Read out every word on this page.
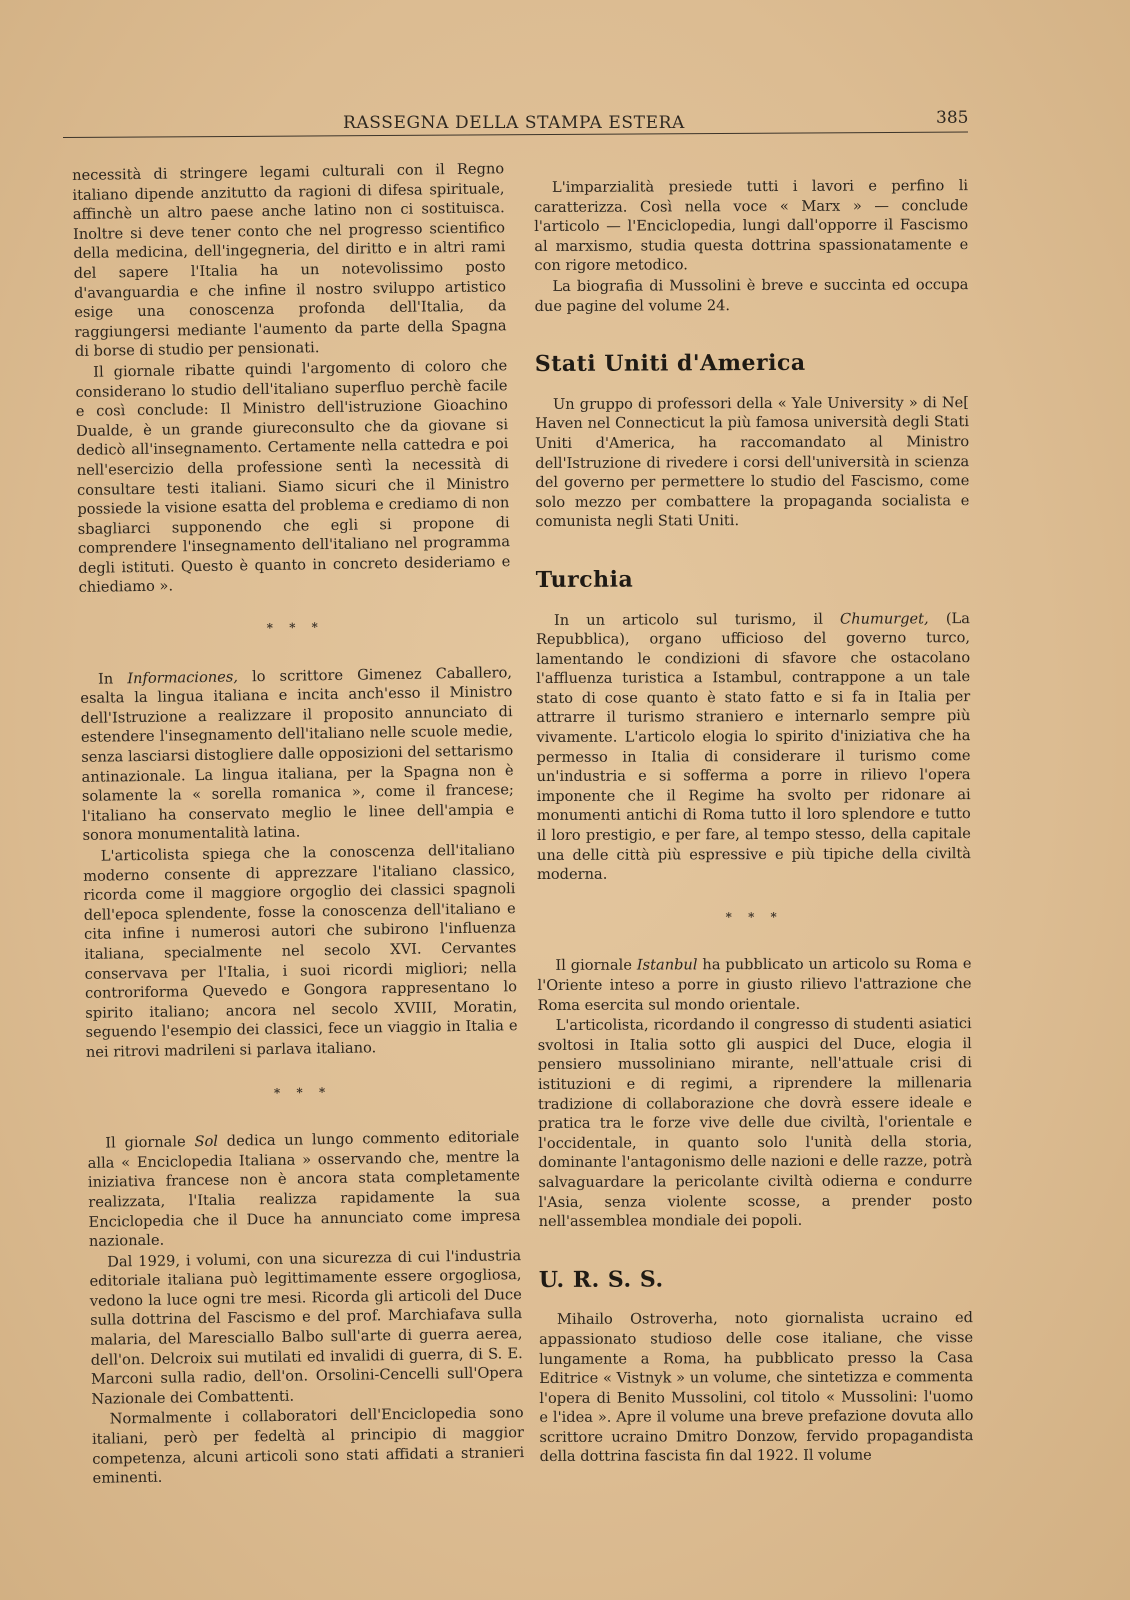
RASSEGNA DELLA STAMPA ESTERA	385

necessità di stringere legami culturali con il Regno italiano dipende anzitutto da ragioni di difesa spirituale, affinchè un altro paese anche latino non ci sostituisca. Inoltre si deve tener conto che nel progresso scientifico della medicina, dell'ingegneria, del diritto e in altri rami del sapere l'Italia ha un notevolissimo posto d'avanguardia e che infine il nostro sviluppo artistico esige una conoscenza profonda dell'Italia, da raggiungersi mediante l'aumento da parte della Spagna di borse di studio per pensionati.

Il giornale ribatte quindi l'argomento di coloro che considerano lo studio dell'italiano superfluo perchè facile e così conclude: Il Ministro dell'istruzione Gioachino Dualde, è un grande giureconsulto che da giovane si dedicò all'insegnamento. Certamente nella cattedra e poi nell'esercizio della professione sentì la necessità di consultare testi italiani. Siamo sicuri che il Ministro possiede la visione esatta del problema e crediamo di non sbagliarci supponendo che egli si propone di comprendere l'insegnamento dell'italiano nel programma degli istituti. Questo è quanto in concreto desideriamo e chiediamo ».

* * *

In Informaciones, lo scrittore Gimenez Caballero, esalta la lingua italiana e incita anch'esso il Ministro dell'Istruzione a realizzare il proposito annunciato di estendere l'insegnamento dell'italiano nelle scuole medie, senza lasciarsi distogliere dalle opposizioni del settarismo antinazionale. La lingua italiana, per la Spagna non è solamente la « sorella romanica », come il francese; l'italiano ha conservato meglio le linee dell'ampia e sonora monumentalità latina.

L'articolista spiega che la conoscenza dell'italiano moderno consente di apprezzare l'italiano classico, ricorda come il maggiore orgoglio dei classici spagnoli dell'epoca splendente, fosse la conoscenza dell'italiano e cita infine i numerosi autori che subirono l'influenza italiana, specialmente nel secolo XVI. Cervantes conservava per l'Italia, i suoi ricordi migliori; nella controriforma Quevedo e Gongora rappresentano lo spirito italiano; ancora nel secolo XVIII, Moratin, seguendo l'esempio dei classici, fece un viaggio in Italia e nei ritrovi madrileni si parlava italiano.

* * *

Il giornale Sol dedica un lungo commento editoriale alla « Enciclopedia Italiana » osservando che, mentre la iniziativa francese non è ancora stata completamente realizzata, l'Italia realizza rapidamente la sua Enciclopedia che il Duce ha annunciato come impresa nazionale.

Dal 1929, i volumi, con una sicurezza di cui l'industria editoriale italiana può legittimamente essere orgogliosa, vedono la luce ogni tre mesi. Ricorda gli articoli del Duce sulla dottrina del Fascismo e del prof. Marchiafava sulla malaria, del Maresciallo Balbo sull'arte di guerra aerea, dell'on. Delcroix sui mutilati ed invalidi di guerra, di S. E. Marconi sulla radio, dell'on. Orsolini-Cencelli sull'Opera Nazionale dei Combattenti.

Normalmente i collaboratori dell'Enciclopedia sono italiani, però per fedeltà al principio di maggior competenza, alcuni articoli sono stati affidati a stranieri eminenti.

L'imparzialità presiede tutti i lavori e perfino li caratterizza. Così nella voce « Marx » — conclude l'articolo — l'Enciclopedia, lungi dall'opporre il Fascismo al marxismo, studia questa dottrina spassionatamente e con rigore metodico.

La biografia di Mussolini è breve e succinta ed occupa due pagine del volume 24.

Stati Uniti d'America

Un gruppo di professori della « Yale University » di Ne[ Haven nel Connecticut la più famosa università degli Stati Uniti d'America, ha raccomandato al Ministro dell'Istruzione di rivedere i corsi dell'università in scienza del governo per permettere lo studio del Fascismo, come solo mezzo per combattere la propaganda socialista e comunista negli Stati Uniti.

Turchia

In un articolo sul turismo, il Chumurget, (La Repubblica), organo ufficioso del governo turco, lamentando le condizioni di sfavore che ostacolano l'affluenza turistica a Istambul, contrappone a un tale stato di cose quanto è stato fatto e si fa in Italia per attrarre il turismo straniero e internarlo sempre più vivamente. L'articolo elogia lo spirito d'iniziativa che ha permesso in Italia di considerare il turismo come un'industria e si sofferma a porre in rilievo l'opera imponente che il Regime ha svolto per ridonare ai monumenti antichi di Roma tutto il loro splendore e tutto il loro prestigio, e per fare, al tempo stesso, della capitale una delle città più espressive e più tipiche della civiltà moderna.

* * *

Il giornale Istanbul ha pubblicato un articolo su Roma e l'Oriente inteso a porre in giusto rilievo l'attrazione che Roma esercita sul mondo orientale.

L'articolista, ricordando il congresso di studenti asiatici svoltosi in Italia sotto gli auspici del Duce, elogia il pensiero mussoliniano mirante, nell'attuale crisi di istituzioni e di regimi, a riprendere la millenaria tradizione di collaborazione che dovrà essere ideale e pratica tra le forze vive delle due civiltà, l'orientale e l'occidentale, in quanto solo l'unità della storia, dominante l'antagonismo delle nazioni e delle razze, potrà salvaguardare la pericolante civiltà odierna e condurre l'Asia, senza violente scosse, a prender posto nell'assemblea mondiale dei popoli.

U. R. S. S.

Mihailo Ostroverha, noto giornalista ucraino ed appassionato studioso delle cose italiane, che visse lungamente a Roma, ha pubblicato presso la Casa Editrice « Vistnyk » un volume, che sintetizza e commenta l'opera di Benito Mussolini, col titolo « Mussolini: l'uomo e l'idea ». Apre il volume una breve prefazione dovuta allo scrittore ucraino Dmitro Donzow, fervido propagandista della dottrina fascista fin dal 1922. Il volume
